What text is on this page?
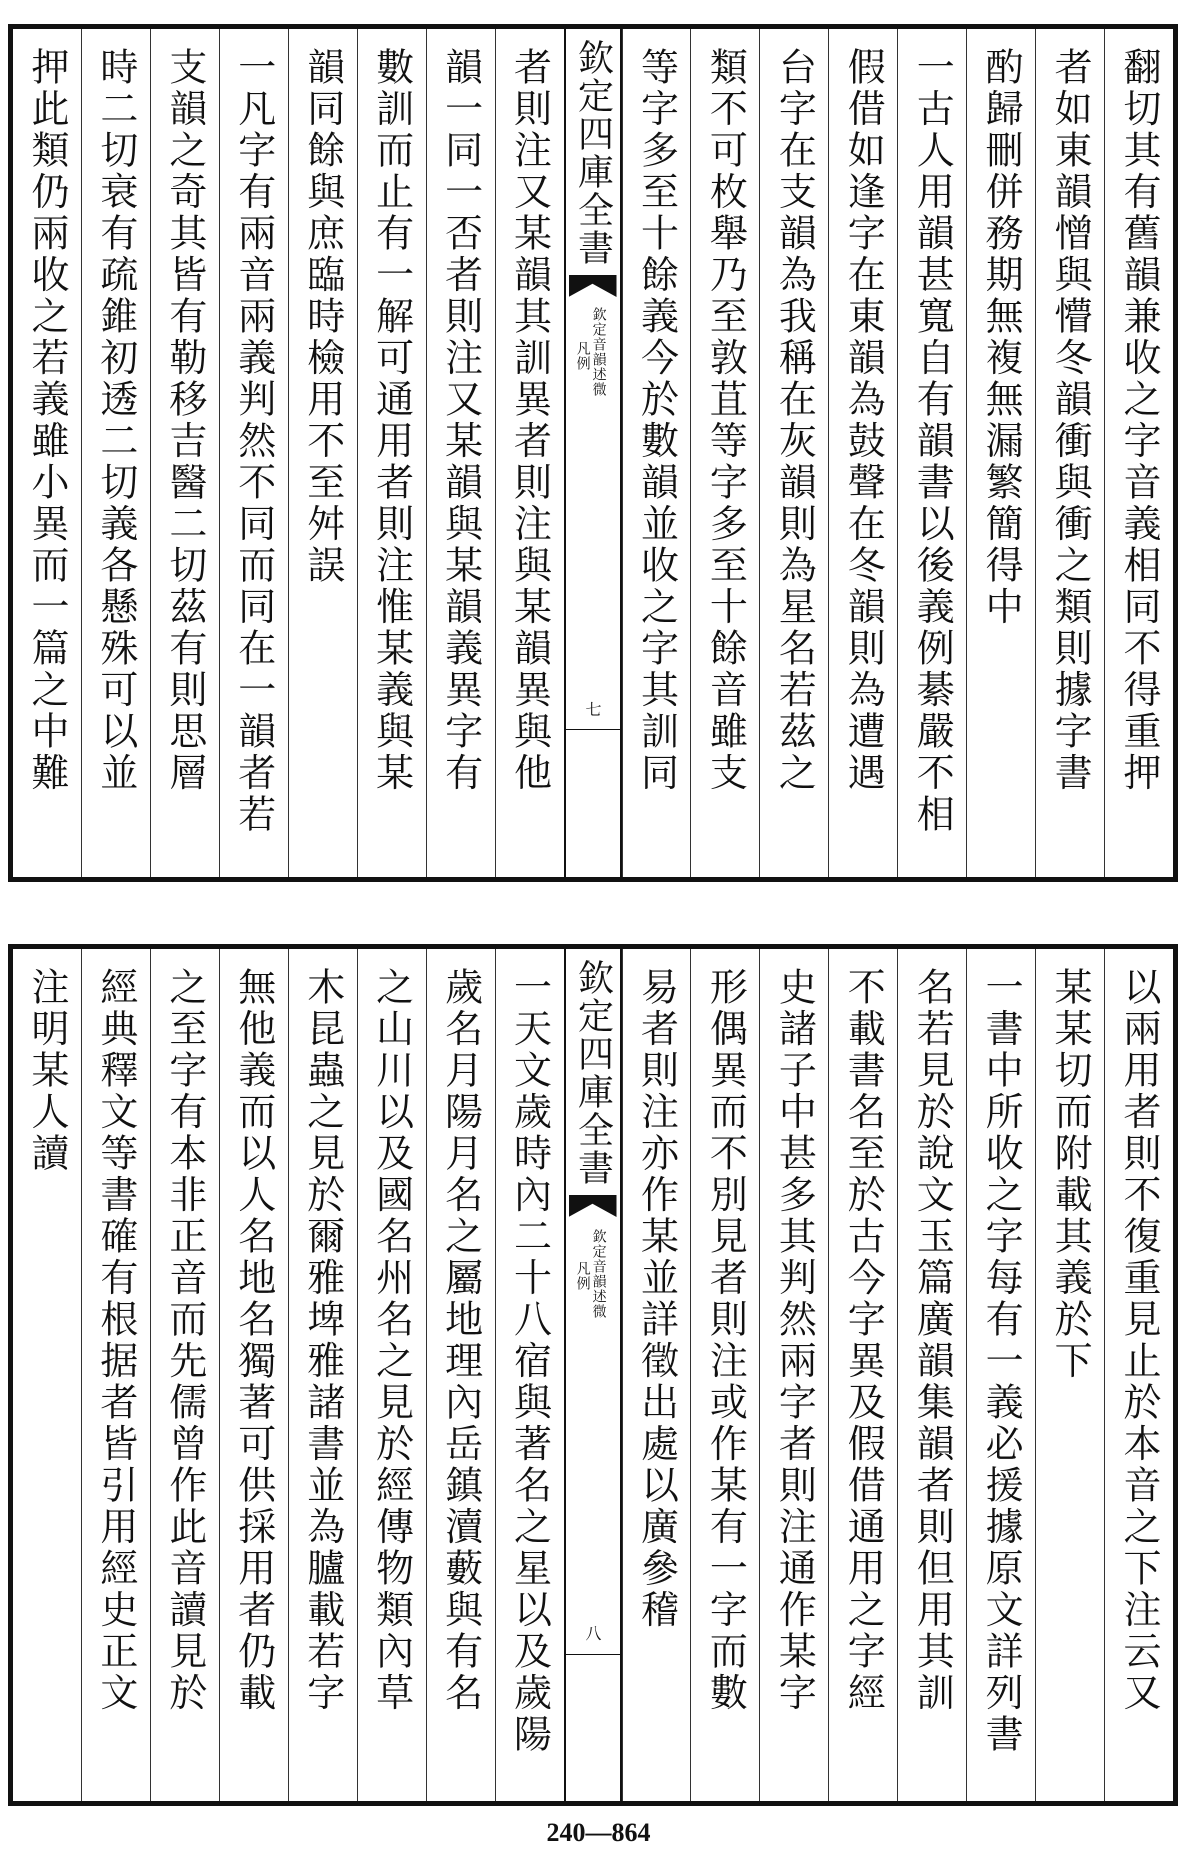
翻切其有舊韻兼收之字音義相同不得重押
者如東韻憎與懵冬韻衝與衝之類則據字書
酌歸刪併務期無複無漏繁簡得中
一古人用韻甚寬自有韻書以後義例綦嚴不相
假借如逢字在東韻為鼓聲在冬韻則為遭遇
台字在支韻為我稱在灰韻則為星名若茲之
類不可枚舉乃至敦苴等字多至十餘音雖支
等字多至十餘義今於數韻並收之字其訓同
欽定四庫全書
欽定音韻述微
凡例
七
者則注又某韻其訓異者則注與某韻異與他
韻一同一否者則注又某韻與某韻義異字有
數訓而止有一解可通用者則注惟某義與某
韻同餘與庶臨時檢用不至舛誤
一凡字有兩音兩義判然不同而同在一韻者若
支韻之奇其皆有勒移吉醫二切茲有則思層
時二切衰有疏錐初透二切義各懸殊可以並
押此類仍兩收之若義雖小異而一篇之中難
以兩用者則不復重見止於本音之下注云又
某某切而附載其義於下
一書中所收之字每有一義必援據原文詳列書
名若見於說文玉篇廣韻集韻者則但用其訓
不載書名至於古今字異及假借通用之字經
史諸子中甚多其判然兩字者則注通作某字
形偶異而不別見者則注或作某有一字而數
易者則注亦作某並詳徵出處以廣參稽
欽定四庫全書
欽定音韻述微
凡例
八
一天文歲時內二十八宿與著名之星以及歲陽
歲名月陽月名之屬地理內岳鎮瀆藪與有名
之山川以及國名州名之見於經傳物類內草
木昆蟲之見於爾雅埤雅諸書並為臚載若字
無他義而以人名地名獨著可供採用者仍載
之至字有本非正音而先儒曾作此音讀見於
經典釋文等書確有根据者皆引用經史正文
注明某人讀
240—864
